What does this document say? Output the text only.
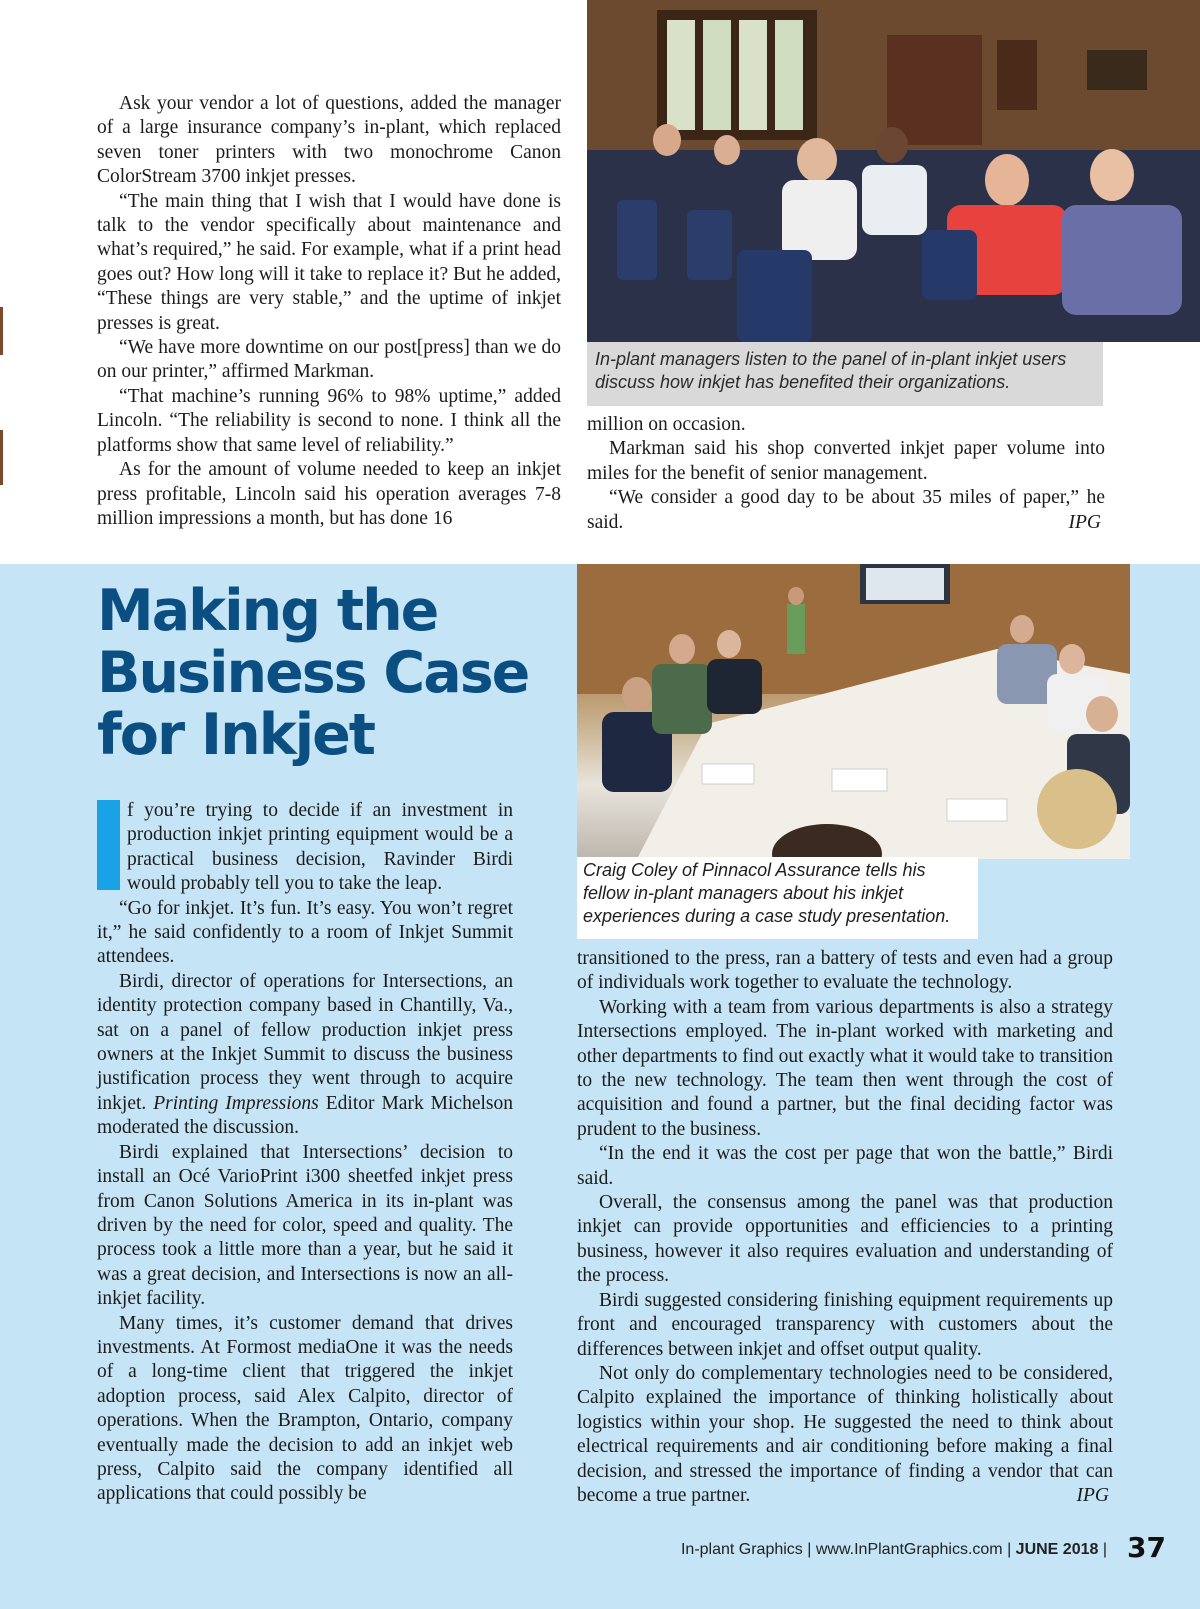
Ask your vendor a lot of questions, added the manager of a large insurance company’s in-plant, which replaced seven toner printers with two monochrome Canon ColorStream 3700 inkjet presses.

“The main thing that I wish that I would have done is talk to the vendor specifically about maintenance and what’s required,” he said. For example, what if a print head goes out? How long will it take to replace it? But he added, “These things are very stable,” and the uptime of inkjet presses is great.

“We have more downtime on our post[press] than we do on our printer,” affirmed Markman.

“That machine’s running 96% to 98% uptime,” added Lincoln. “The reliability is second to none. I think all the platforms show that same level of reliability.”

As for the amount of volume needed to keep an inkjet press profitable, Lincoln said his operation averages 7-8 million impressions a month, but has done 16

In-plant managers listen to the panel of in-plant inkjet users discuss how inkjet has benefited their organizations.

million on occasion.

Markman said his shop converted inkjet paper volume into miles for the benefit of senior management.

“We consider a good day to be about 35 miles of paper,” he said.	IPG

Making the Business Case for Inkjet

f you’re trying to decide if an investment in production inkjet printing equipment would be a practical business decision, Ravinder Birdi would probably tell you to take the leap.

“Go for inkjet. It’s fun. It’s easy. You won’t regret it,” he said confidently to a room of Inkjet Summit attendees.

Birdi, director of operations for Intersections, an identity protection company based in Chantilly, Va., sat on a panel of fellow production inkjet press owners at the Inkjet Summit to discuss the business justification process they went through to acquire inkjet. Printing Impressions Editor Mark Michelson moderated the discussion.

Birdi explained that Intersections’ decision to install an Océ VarioPrint i300 sheetfed inkjet press from Canon Solutions America in its in-plant was driven by the need for color, speed and quality. The process took a little more than a year, but he said it was a great decision, and Intersections is now an all-inkjet facility.

Many times, it’s customer demand that drives investments. At Formost mediaOne it was the needs of a long-time client that triggered the inkjet adoption process, said Alex Calpito, director of operations. When the Brampton, Ontario, company eventually made the decision to add an inkjet web press, Calpito said the company identified all applications that could possibly be

Craig Coley of Pinnacol Assurance tells his fellow in-plant managers about his inkjet experiences during a case study presentation.

transitioned to the press, ran a battery of tests and even had a group of individuals work together to evaluate the technology.

Working with a team from various departments is also a strategy Intersections employed. The in-plant worked with marketing and other departments to find out exactly what it would take to transition to the new technology. The team then went through the cost of acquisition and found a partner, but the final deciding factor was prudent to the business.

“In the end it was the cost per page that won the battle,” Birdi said.

Overall, the consensus among the panel was that production inkjet can provide opportunities and efficiencies to a printing business, however it also requires evaluation and understanding of the process.

Birdi suggested considering finishing equipment requirements up front and encouraged transparency with customers about the differences between inkjet and offset output quality.

Not only do complementary technologies need to be considered, Calpito explained the importance of thinking holistically about logistics within your shop. He suggested the need to think about electrical requirements and air conditioning before making a final decision, and stressed the importance of finding a vendor that can become a true partner.	IPG

In-plant Graphics | www.InPlantGraphics.com | JUNE 2018 | 37
